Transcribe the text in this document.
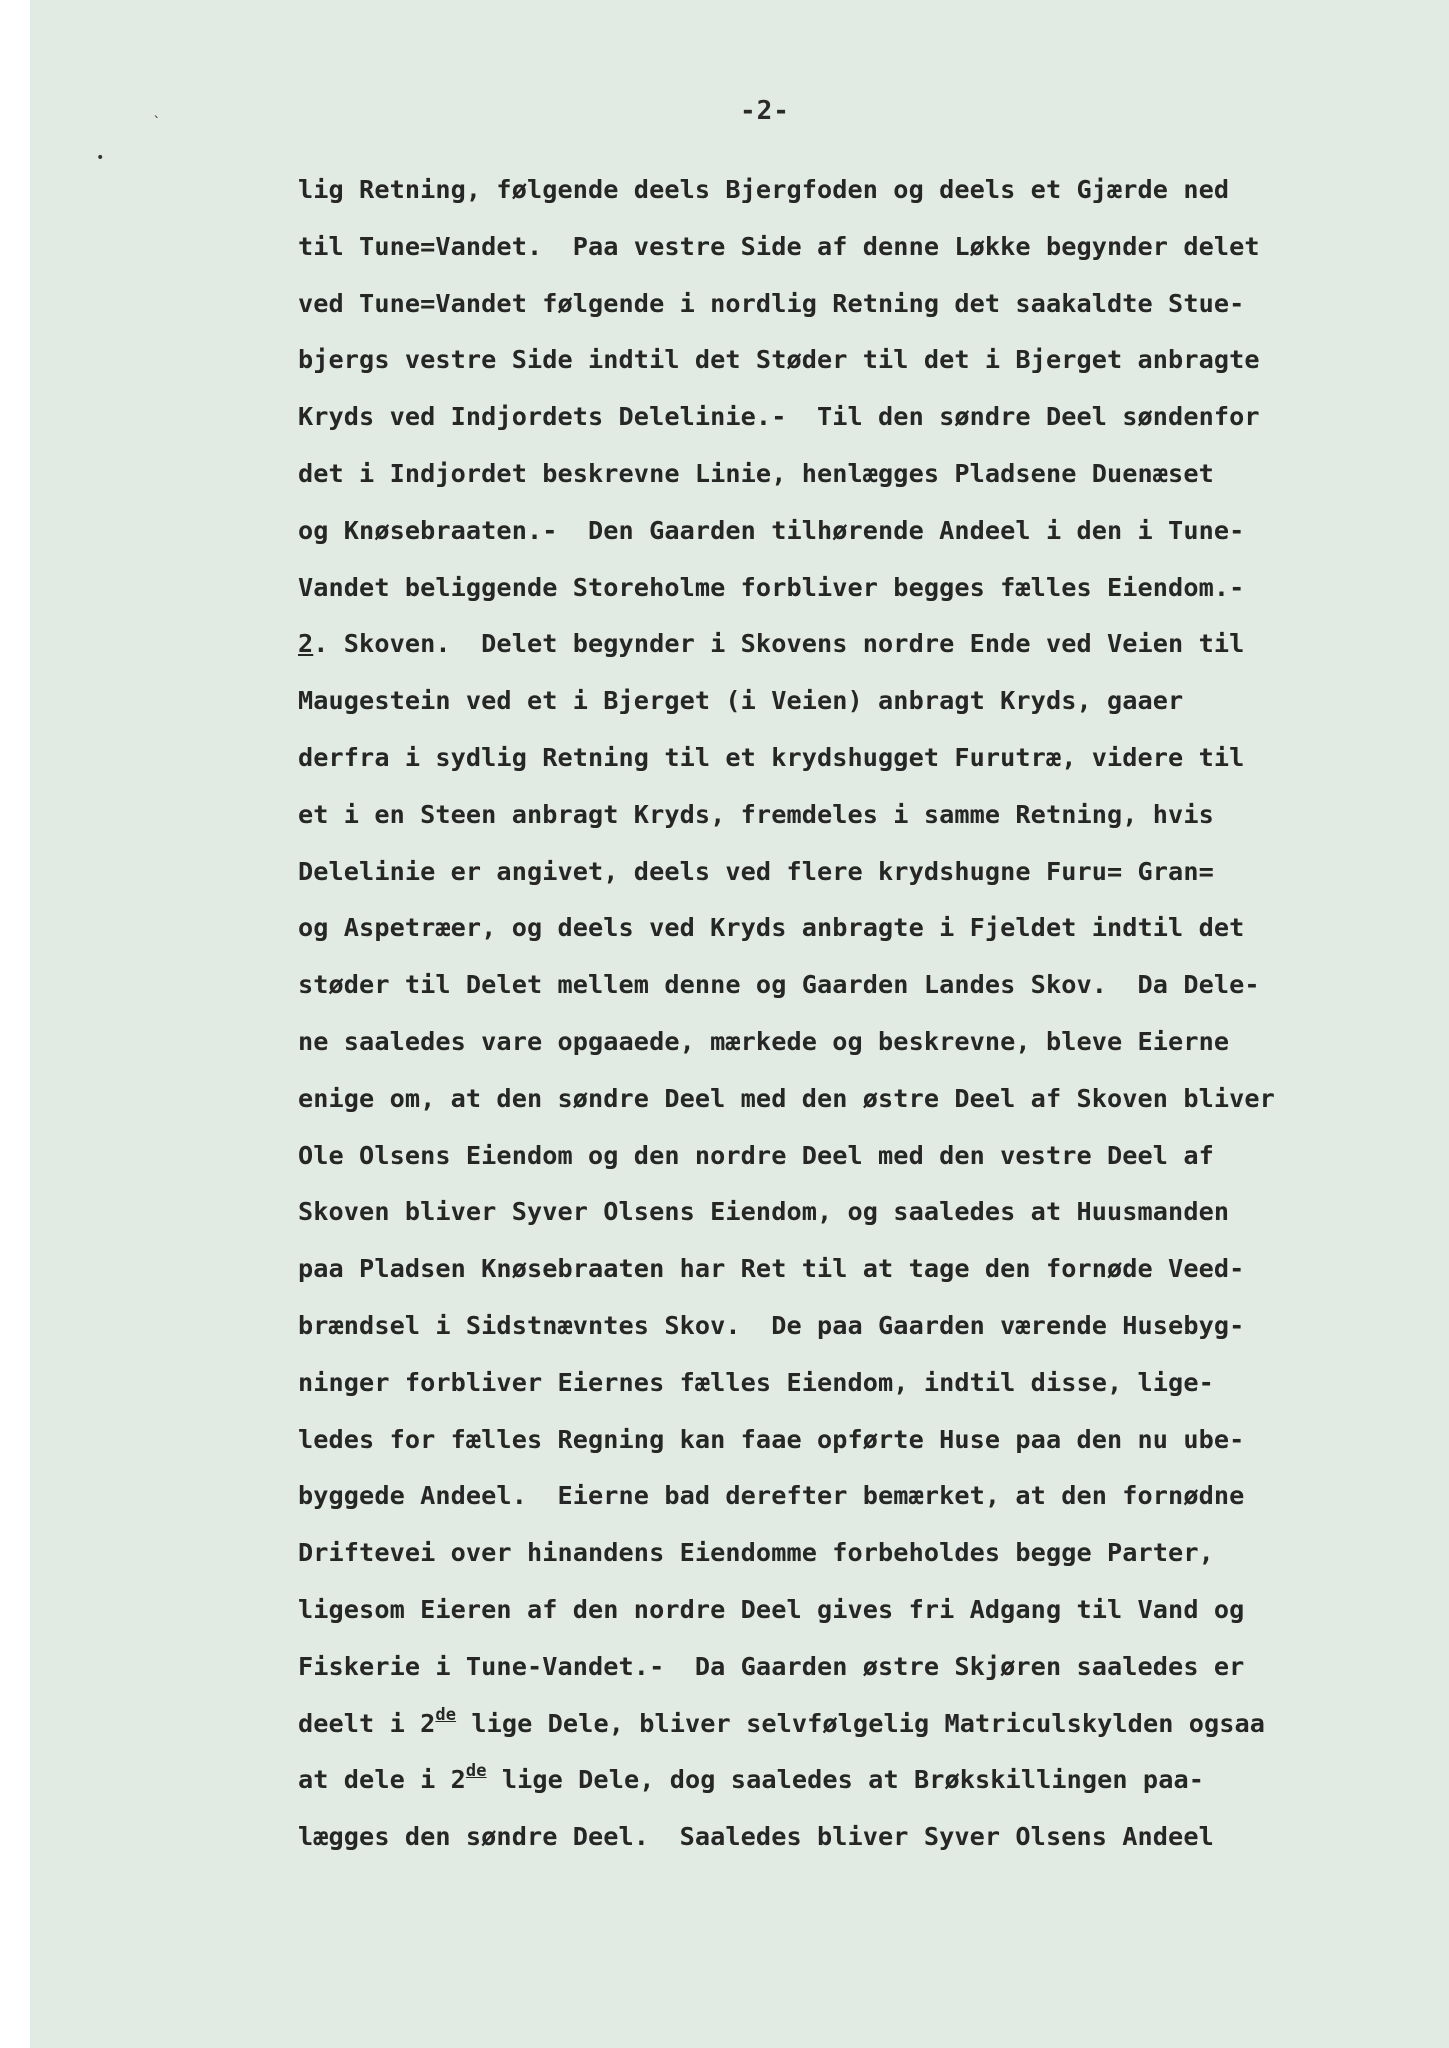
ˎ
•
-2-
lig Retning, følgende deels Bjergfoden og deels et Gjærde ned
til Tune=Vandet.  Paa vestre Side af denne Løkke begynder delet
ved Tune=Vandet følgende i nordlig Retning det saakaldte Stue-
bjergs vestre Side indtil det Støder til det i Bjerget anbragte
Kryds ved Indjordets Delelinie.-  Til den søndre Deel søndenfor
det i Indjordet beskrevne Linie, henlægges Pladsene Duenæset
og Knøsebraaten.-  Den Gaarden tilhørende Andeel i den i Tune-
Vandet beliggende Storeholme forbliver begges fælles Eiendom.-
2. Skoven.  Delet begynder i Skovens nordre Ende ved Veien til
Maugestein ved et i Bjerget (i Veien) anbragt Kryds, gaaer
derfra i sydlig Retning til et krydshugget Furutræ, videre til
et i en Steen anbragt Kryds, fremdeles i samme Retning, hvis
Delelinie er angivet, deels ved flere krydshugne Furu= Gran=
og Aspetræer, og deels ved Kryds anbragte i Fjeldet indtil det
støder til Delet mellem denne og Gaarden Landes Skov.  Da Dele-
ne saaledes vare opgaaede, mærkede og beskrevne, bleve Eierne
enige om, at den søndre Deel med den østre Deel af Skoven bliver
Ole Olsens Eiendom og den nordre Deel med den vestre Deel af
Skoven bliver Syver Olsens Eiendom, og saaledes at Huusmanden
paa Pladsen Knøsebraaten har Ret til at tage den fornøde Veed-
brændsel i Sidstnævntes Skov.  De paa Gaarden værende Husebyg-
ninger forbliver Eiernes fælles Eiendom, indtil disse, lige-
ledes for fælles Regning kan faae opførte Huse paa den nu ube-
byggede Andeel.  Eierne bad derefter bemærket, at den fornødne
Driftevei over hinandens Eiendomme forbeholdes begge Parter,
ligesom Eieren af den nordre Deel gives fri Adgang til Vand og
Fiskerie i Tune-Vandet.-  Da Gaarden østre Skjøren saaledes er
deelt i 2de lige Dele, bliver selvfølgelig Matriculskylden ogsaa
at dele i 2de lige Dele, dog saaledes at Brøkskillingen paa-
lægges den søndre Deel.  Saaledes bliver Syver Olsens Andeel
